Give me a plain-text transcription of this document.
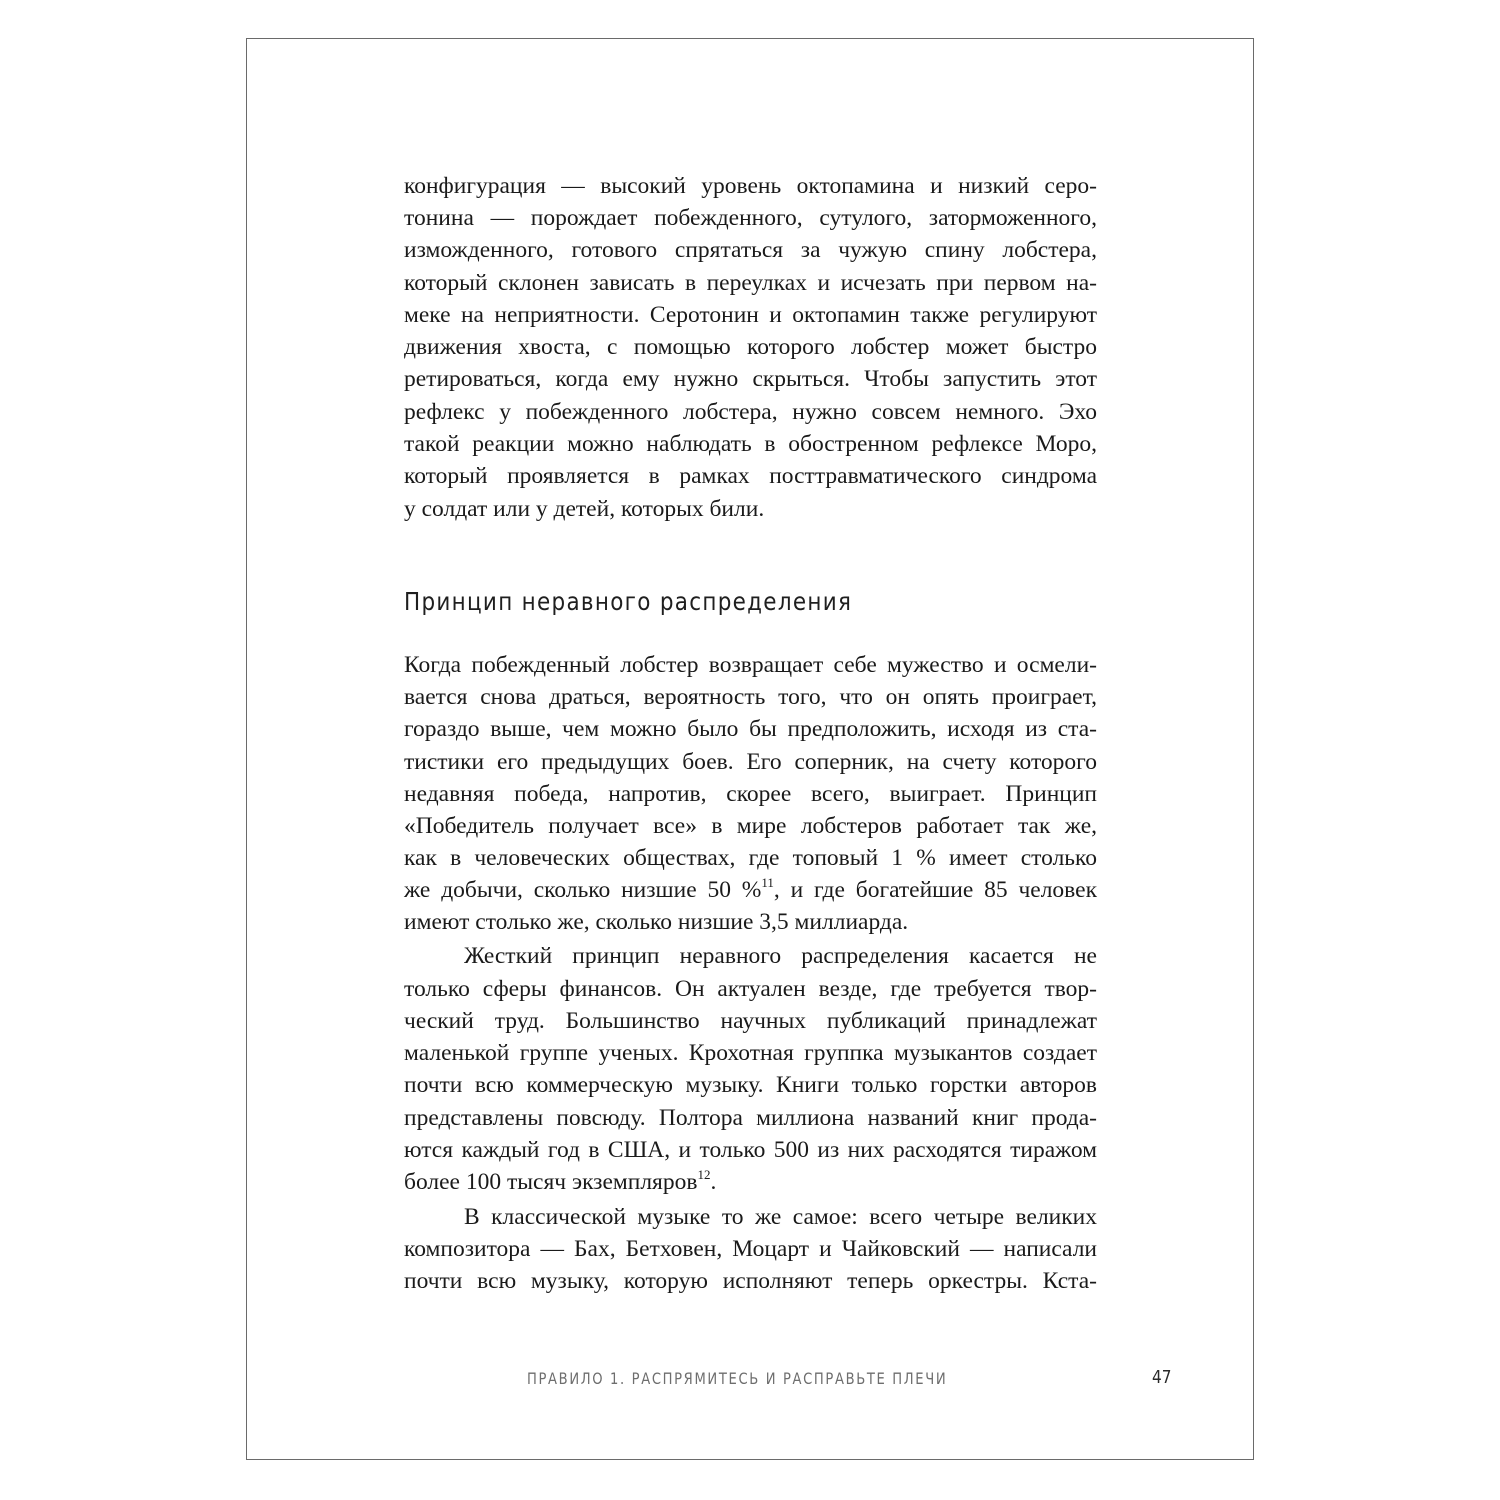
конфигурация — высокий уровень октопамина и низкий серо-
тонина — порождает побежденного, сутулого, заторможенного,
изможденного, готового спрятаться за чужую спину лобстера,
который склонен зависать в переулках и исчезать при первом на-
меке на неприятности. Серотонин и октопамин также регулируют
движения хвоста, с помощью которого лобстер может быстро
ретироваться, когда ему нужно скрыться. Чтобы запустить этот
рефлекс у побежденного лобстера, нужно совсем немного. Эхо
такой реакции можно наблюдать в обостренном рефлексе Моро,
который проявляется в рамках посттравматического синдрома
у солдат или у детей, которых били.
Принцип неравного распределения
Когда побежденный лобстер возвращает себе мужество и осмели-
вается снова драться, вероятность того, что он опять проиграет,
гораздо выше, чем можно было бы предположить, исходя из ста-
тистики его предыдущих боев. Его соперник, на счету которого
недавняя победа, напротив, скорее всего, выиграет. Принцип
«Победитель получает все» в мире лобстеров работает так же,
как в человеческих обществах, где топовый 1 % имеет столько
же добычи, сколько низшие 50 %$^{11}$, и где богатейшие 85 человек
имеют столько же, сколько низшие 3,5 миллиарда.
Жесткий принцип неравного распределения касается не
только сферы финансов. Он актуален везде, где требуется твор-
ческий труд. Большинство научных публикаций принадлежат
маленькой группе ученых. Крохотная группка музыкантов создает
почти всю коммерческую музыку. Книги только горстки авторов
представлены повсюду. Полтора миллиона названий книг прода-
ются каждый год в США, и только 500 из них расходятся тиражом
более 100 тысяч экземпляров$^{12}$.
В классической музыке то же самое: всего четыре великих
композитора — Бах, Бетховен, Моцарт и Чайковский — написали
почти всю музыку, которую исполняют теперь оркестры. Кста-
ПРАВИЛО 1. РАСПРЯМИТЕСЬ И РАСПРАВЬТЕ ПЛЕЧИ	47
